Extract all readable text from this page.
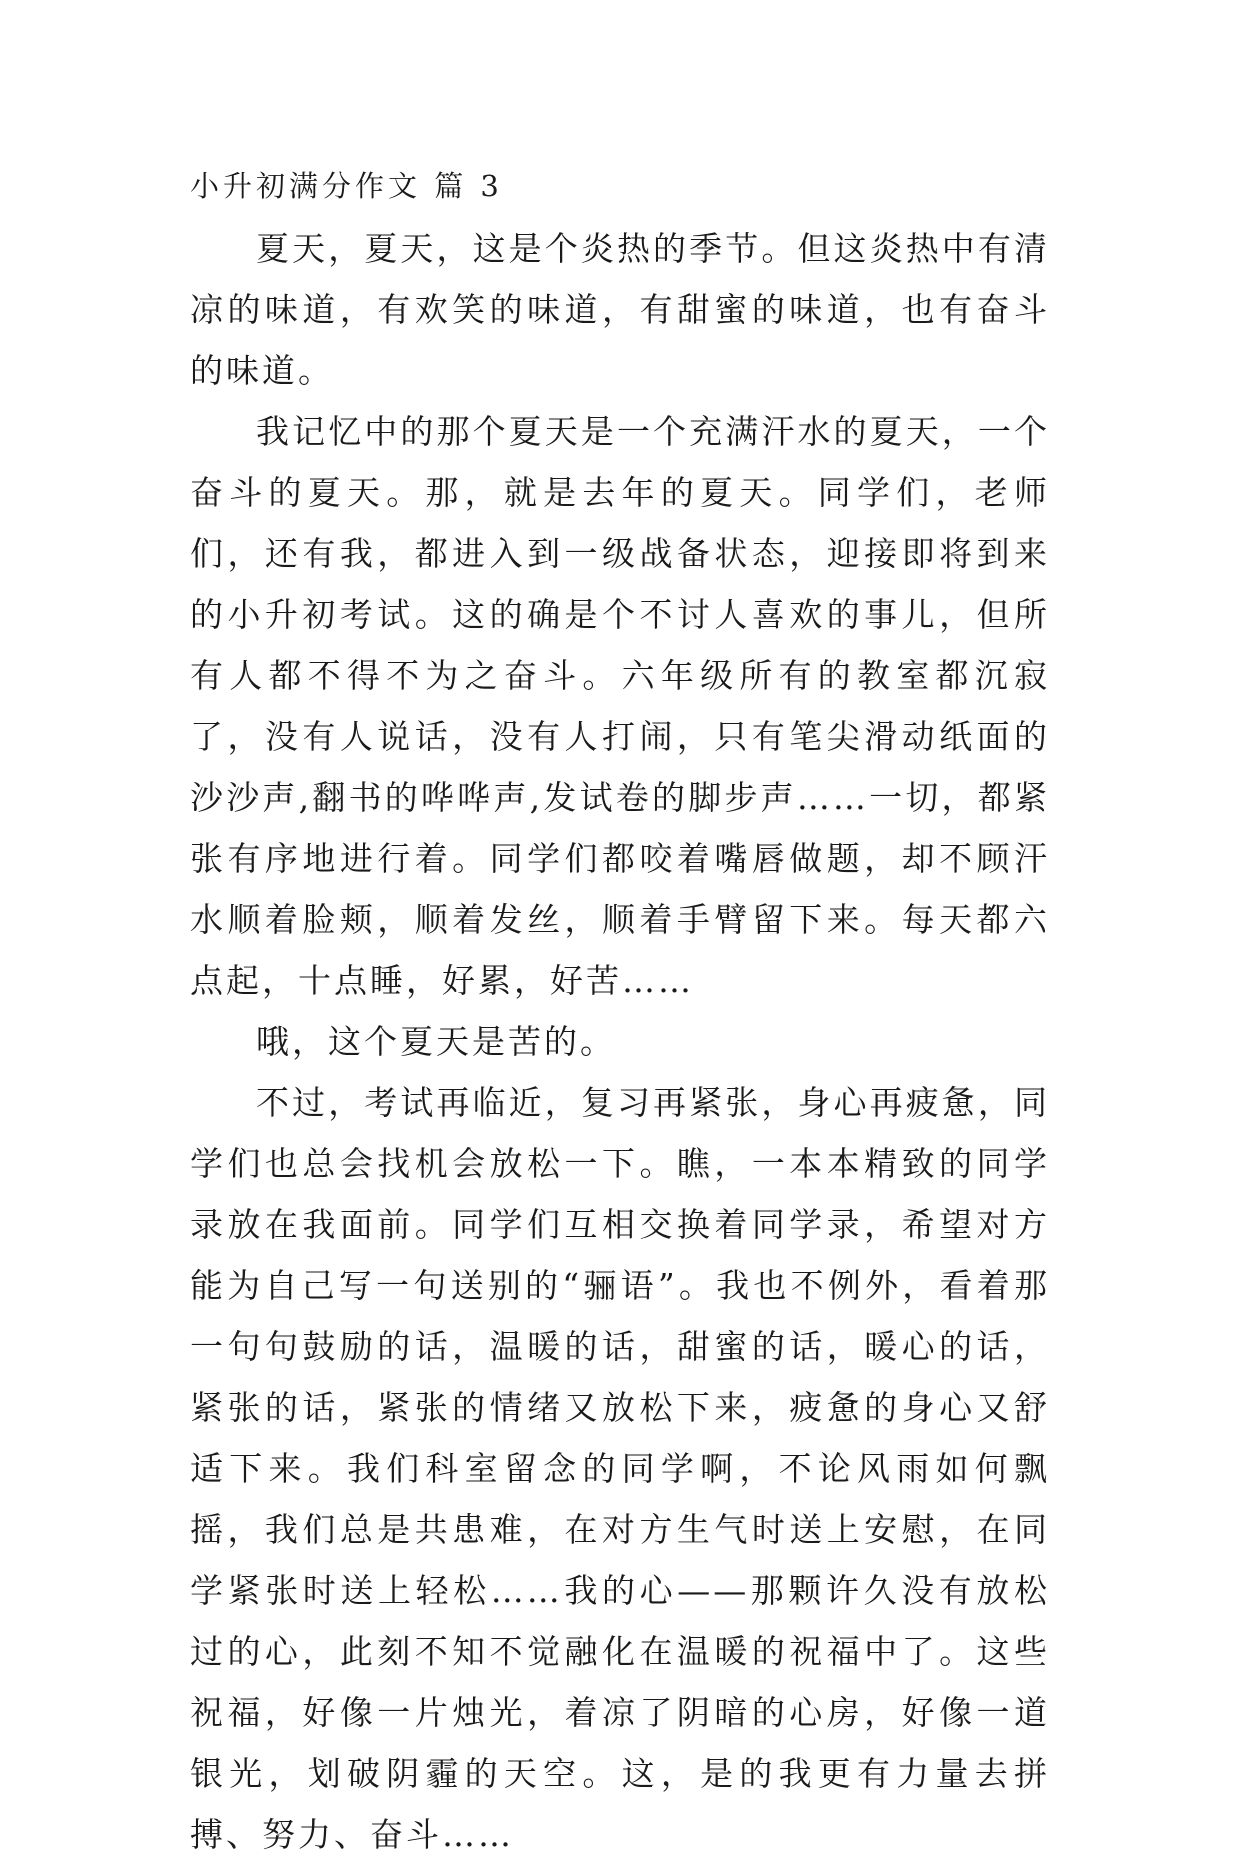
小升初满分作文 篇 3

夏天，夏天，这是个炎热的季节。但这炎热中有清凉的味道，有欢笑的味道，有甜蜜的味道，也有奋斗的味道。

我记忆中的那个夏天是一个充满汗水的夏天，一个奋斗的夏天。那，就是去年的夏天。同学们，老师们，还有我，都进入到一级战备状态，迎接即将到来的小升初考试。这的确是个不讨人喜欢的事儿，但所有人都不得不为之奋斗。六年级所有的教室都沉寂了，没有人说话，没有人打闹，只有笔尖滑动纸面的沙沙声,翻书的哗哗声,发试卷的脚步声……一切，都紧张有序地进行着。同学们都咬着嘴唇做题，却不顾汗水顺着脸颊，顺着发丝，顺着手臂留下来。每天都六点起，十点睡，好累，好苦……

哦，这个夏天是苦的。

不过，考试再临近，复习再紧张，身心再疲惫，同学们也总会找机会放松一下。瞧，一本本精致的同学录放在我面前。同学们互相交换着同学录，希望对方能为自己写一句送别的“骊语”。我也不例外，看着那一句句鼓励的话，温暖的话，甜蜜的话，暖心的话，紧张的话，紧张的情绪又放松下来，疲惫的身心又舒适下来。我们科室留念的同学啊，不论风雨如何飘摇，我们总是共患难，在对方生气时送上安慰，在同学紧张时送上轻松……我的心——那颗许久没有放松过的心，此刻不知不觉融化在温暖的祝福中了。这些祝福，好像一片烛光，着凉了阴暗的心房，好像一道银光，划破阴霾的天空。这，是的我更有力量去拼搏、努力、奋斗……
